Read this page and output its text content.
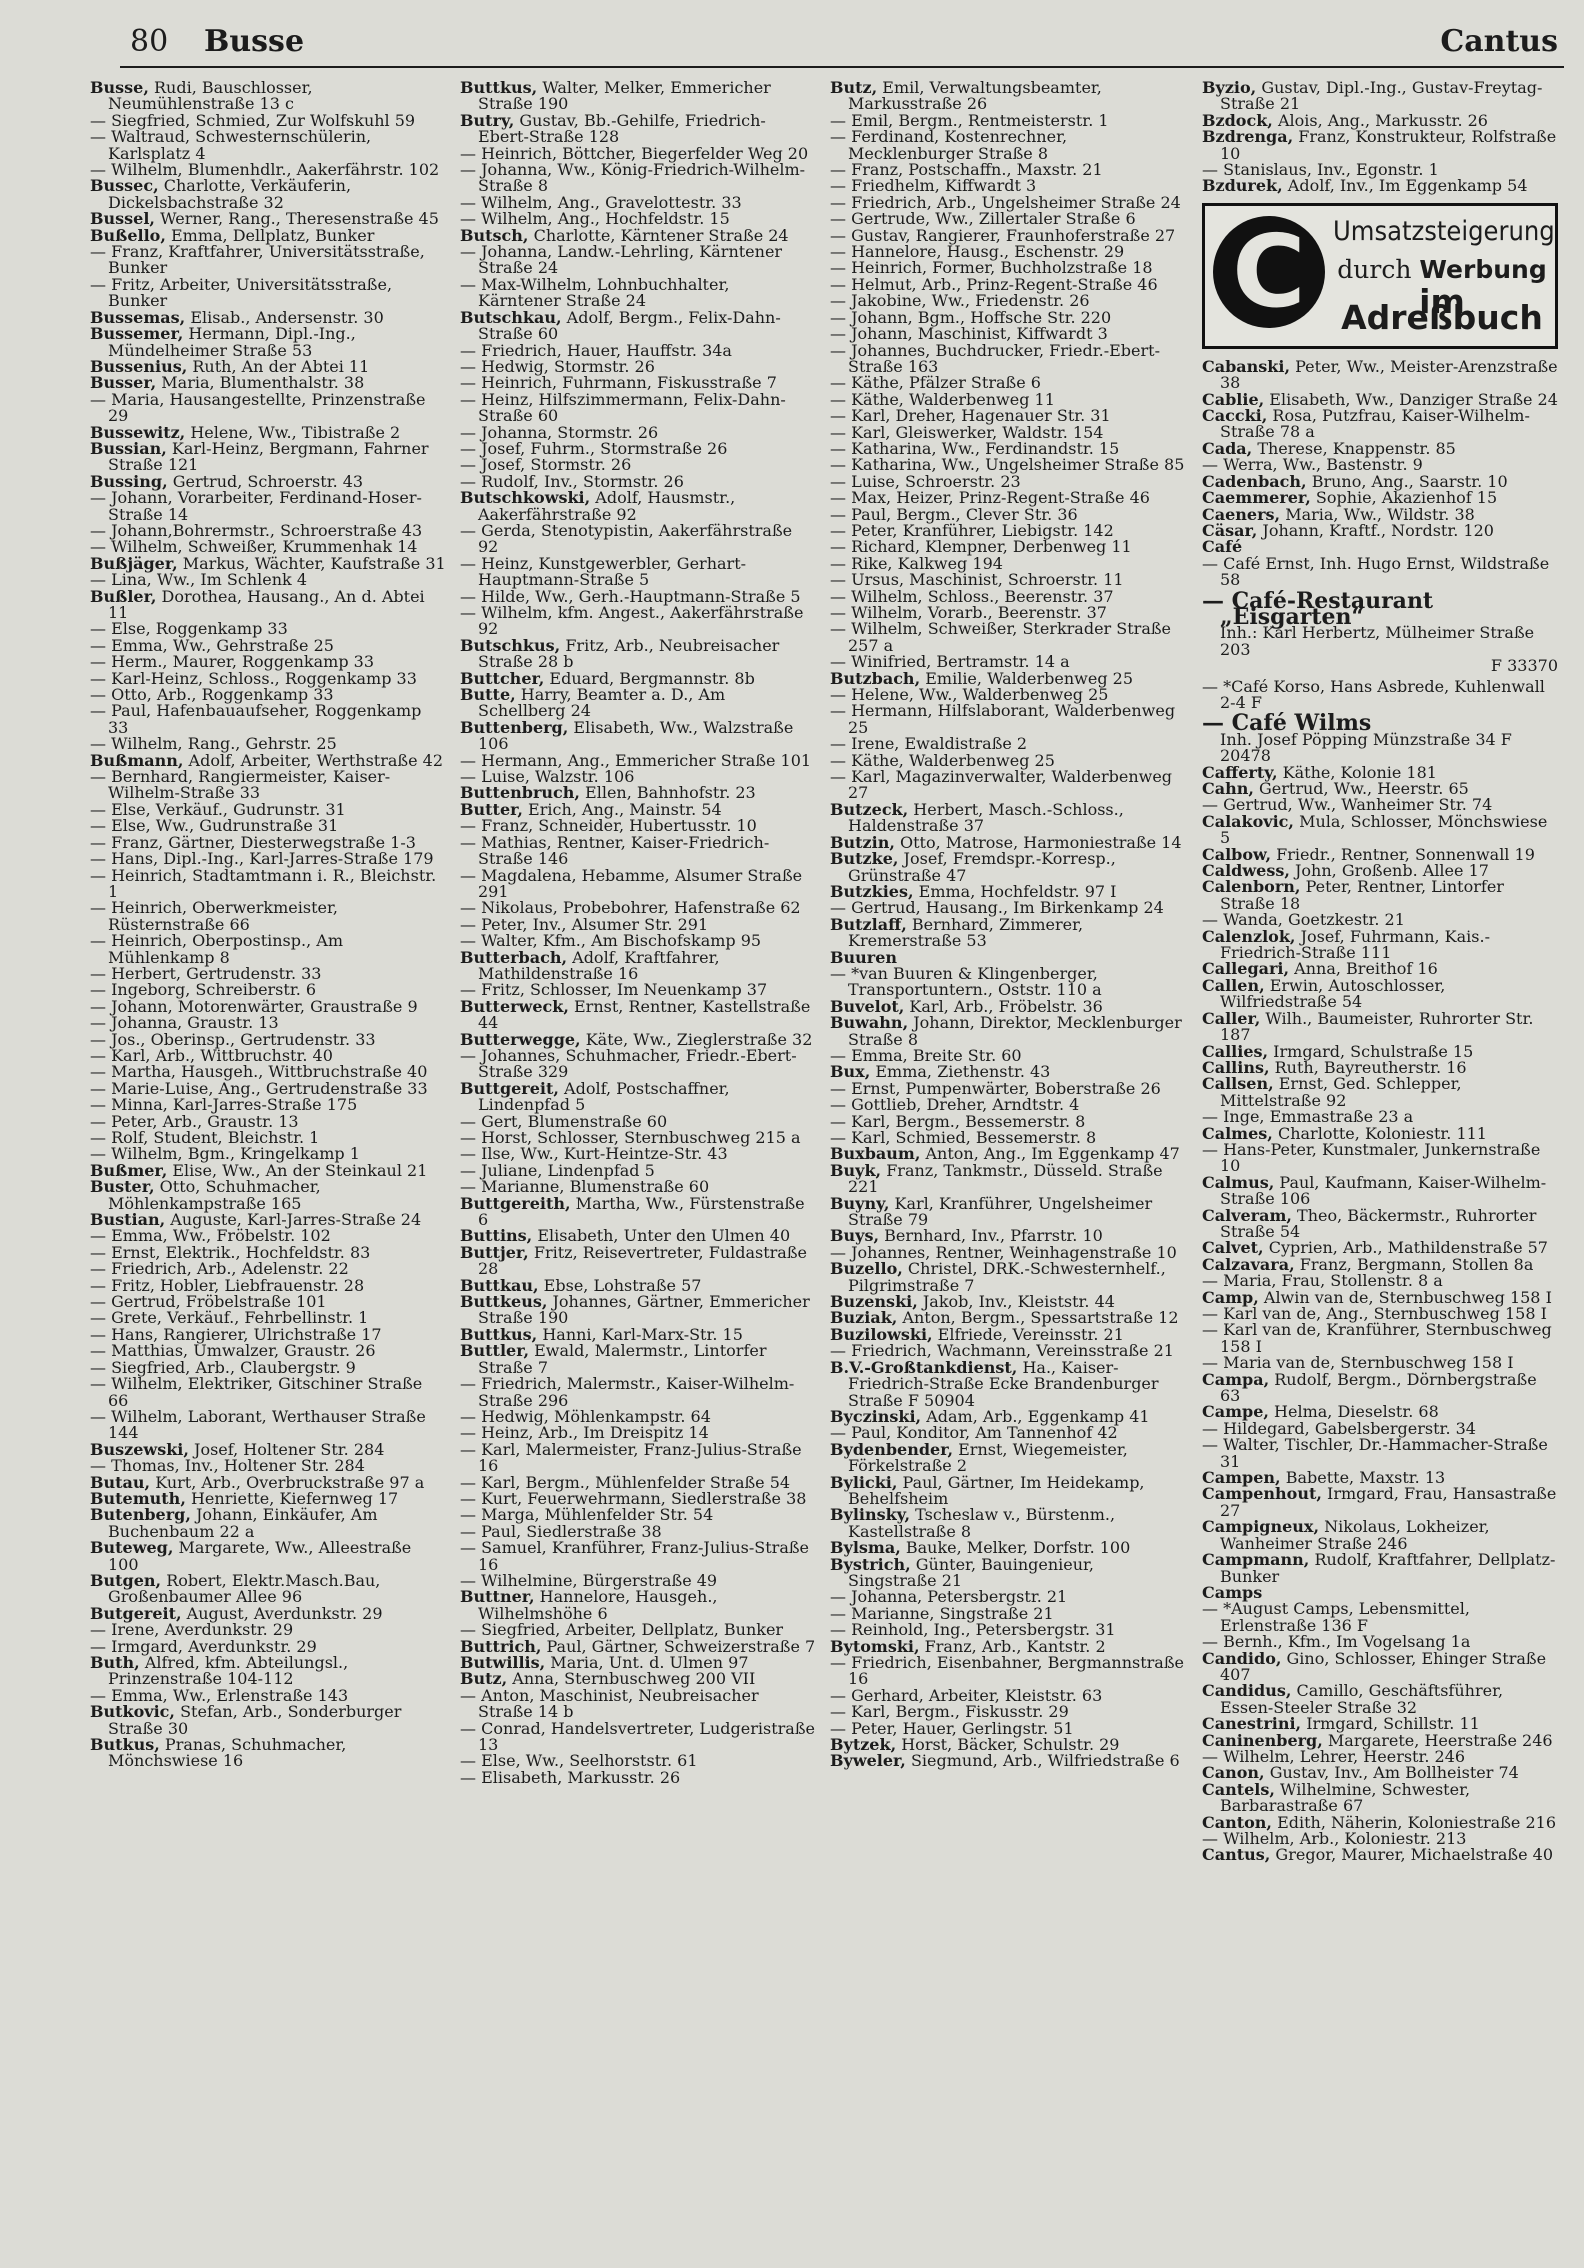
80 Busse	Cantus

Busse, Rudi, Bauschlosser, Neumühlenstraße 13 c

— Siegfried, Schmied, Zur Wolfskuhl 59

— Waltraud, Schwesternschülerin, Karlsplatz 4

— Wilhelm, Blumenhdlr., Aakerfährstr. 102

Bussec, Charlotte, Verkäuferin, Dickelsbachstraße 32

Bussel, Werner, Rang., Theresenstraße 45

Bußello, Emma, Dellplatz, Bunker

— Franz, Kraftfahrer, Universitätsstraße, Bunker

— Fritz, Arbeiter, Universitätsstraße, Bunker

Bussemas, Elisab., Andersenstr. 30

Bussemer, Hermann, Dipl.-Ing., Mündelheimer Straße 53

Bussenius, Ruth, An der Abtei 11

Busser, Maria, Blumenthalstr. 38

— Maria, Hausangestellte, Prinzenstraße 29

Bussewitz, Helene, Ww., Tibistraße 2

Bussian, Karl-Heinz, Bergmann, Fahrner Straße 121

Bussing, Gertrud, Schroerstr. 43

— Johann, Vorarbeiter, Ferdinand-Hoser-Straße 14

— Johann,Bohrermstr., Schroerstraße 43

— Wilhelm, Schweißer, Krummenhak 14

Bußjäger, Markus, Wächter, Kaufstraße 31

— Lina, Ww., Im Schlenk 4

Bußler, Dorothea, Hausang., An d. Abtei 11

— Else, Roggenkamp 33

— Emma, Ww., Gehrstraße 25

— Herm., Maurer, Roggenkamp 33

— Karl-Heinz, Schloss., Roggenkamp 33

— Otto, Arb., Roggenkamp 33

— Paul, Hafenbauaufseher, Roggenkamp 33

— Wilhelm, Rang., Gehrstr. 25

Bußmann, Adolf, Arbeiter, Werthstraße 42

— Bernhard, Rangiermeister, Kaiser-Wilhelm-Straße 33

— Else, Verkäuf., Gudrunstr. 31

— Else, Ww., Gudrunstraße 31

— Franz, Gärtner, Diesterwegstraße 1-3

— Hans, Dipl.-Ing., Karl-Jarres-Straße 179

— Heinrich, Stadtamtmann i. R., Bleichstr. 1

— Heinrich, Oberwerkmeister, Rüsternstraße 66

— Heinrich, Oberpostinsp., Am Mühlenkamp 8

— Herbert, Gertrudenstr. 33

— Ingeborg, Schreiberstr. 6

— Johann, Motorenwärter, Graustraße 9

— Johanna, Graustr. 13

— Jos., Oberinsp., Gertrudenstr. 33

— Karl, Arb., Wittbruchstr. 40

— Martha, Hausgeh., Wittbruchstraße 40

— Marie-Luise, Ang., Gertrudenstraße 33

— Minna, Karl-Jarres-Straße 175

— Peter, Arb., Graustr. 13

— Rolf, Student, Bleichstr. 1

— Wilhelm, Bgm., Kringelkamp 1

Bußmer, Elise, Ww., An der Steinkaul 21

Buster, Otto, Schuhmacher, Möhlenkampstraße 165

Bustian, Auguste, Karl-Jarres-Straße 24

— Emma, Ww., Fröbelstr. 102

— Ernst, Elektrik., Hochfeldstr. 83

— Friedrich, Arb., Adelenstr. 22

— Fritz, Hobler, Liebfrauenstr. 28

— Gertrud, Fröbelstraße 101

— Grete, Verkäuf., Fehrbellinstr. 1

— Hans, Rangierer, Ulrichstraße 17

— Matthias, Umwalzer, Graustr. 26

— Siegfried, Arb., Claubergstr. 9

— Wilhelm, Elektriker, Gitschiner Straße 66

— Wilhelm, Laborant, Werthauser Straße 144

Buszewski, Josef, Holtener Str. 284

— Thomas, Inv., Holtener Str. 284

Butau, Kurt, Arb., Overbruckstraße 97 a

Butemuth, Henriette, Kiefernweg 17

Butenberg, Johann, Einkäufer, Am Buchenbaum 22 a

Buteweg, Margarete, Ww., Alleestraße 100

Butgen, Robert, Elektr.Masch.Bau, Großenbaumer Allee 96

Butgereit, August, Averdunkstr. 29

— Irene, Averdunkstr. 29

— Irmgard, Averdunkstr. 29

Buth, Alfred, kfm. Abteilungsl., Prinzenstraße 104-112

— Emma, Ww., Erlenstraße 143

Butkovic, Stefan, Arb., Sonderburger Straße 30

Butkus, Pranas, Schuhmacher, Mönchswiese 16

Buttkus, Walter, Melker, Emmericher Straße 190

Butry, Gustav, Bb.-Gehilfe, Friedrich-Ebert-Straße 128

— Heinrich, Böttcher, Biegerfelder Weg 20

— Johanna, Ww., König-Friedrich-Wilhelm-Straße 8

— Wilhelm, Ang., Gravelottestr. 33

— Wilhelm, Ang., Hochfeldstr. 15

Butsch, Charlotte, Kärntener Straße 24

— Johanna, Landw.-Lehrling, Kärntener Straße 24

— Max-Wilhelm, Lohnbuchhalter, Kärntener Straße 24

Butschkau, Adolf, Bergm., Felix-Dahn-Straße 60

— Friedrich, Hauer, Hauffstr. 34a

— Hedwig, Stormstr. 26

— Heinrich, Fuhrmann, Fiskusstraße 7

— Heinz, Hilfszimmermann, Felix-Dahn-Straße 60

— Johanna, Stormstr. 26

— Josef, Fuhrm., Stormstraße 26

— Josef, Stormstr. 26

— Rudolf, Inv., Stormstr. 26

Butschkowski, Adolf, Hausmstr., Aakerfährstraße 92

— Gerda, Stenotypistin, Aakerfährstraße 92

— Heinz, Kunstgewerbler, Gerhart-Hauptmann-Straße 5

— Hilde, Ww., Gerh.-Hauptmann-Straße 5

— Wilhelm, kfm. Angest., Aakerfährstraße 92

Butschkus, Fritz, Arb., Neubreisacher Straße 28 b

Buttcher, Eduard, Bergmannstr. 8b

Butte, Harry, Beamter a. D., Am Schellberg 24

Buttenberg, Elisabeth, Ww., Walzstraße 106

— Hermann, Ang., Emmericher Straße 101

— Luise, Walzstr. 106

Buttenbruch, Ellen, Bahnhofstr. 23

Butter, Erich, Ang., Mainstr. 54

— Franz, Schneider, Hubertusstr. 10

— Mathias, Rentner, Kaiser-Friedrich-Straße 146

— Magdalena, Hebamme, Alsumer Straße 291

— Nikolaus, Probebohrer, Hafenstraße 62

— Peter, Inv., Alsumer Str. 291

— Walter, Kfm., Am Bischofskamp 95

Butterbach, Adolf, Kraftfahrer, Mathildenstraße 16

— Fritz, Schlosser, Im Neuenkamp 37

Butterweck, Ernst, Rentner, Kastellstraße 44

Butterwegge, Käte, Ww., Zieglerstraße 32

— Johannes, Schuhmacher, Friedr.-Ebert-Straße 329

Buttgereit, Adolf, Postschaffner, Lindenpfad 5

— Gert, Blumenstraße 60

— Horst, Schlosser, Sternbuschweg 215 a

— Ilse, Ww., Kurt-Heintze-Str. 43

— Juliane, Lindenpfad 5

— Marianne, Blumenstraße 60

Buttgereith, Martha, Ww., Fürstenstraße 6

Buttins, Elisabeth, Unter den Ulmen 40

Buttjer, Fritz, Reisevertreter, Fuldastraße 28

Buttkau, Ebse, Lohstraße 57

Buttkeus, Johannes, Gärtner, Emmericher Straße 190

Buttkus, Hanni, Karl-Marx-Str. 15

Buttler, Ewald, Malermstr., Lintorfer Straße 7

— Friedrich, Malermstr., Kaiser-Wilhelm-Straße 296

— Hedwig, Möhlenkampstr. 64

— Heinz, Arb., Im Dreispitz 14

— Karl, Malermeister, Franz-Julius-Straße 16

— Karl, Bergm., Mühlenfelder Straße 54

— Kurt, Feuerwehrmann, Siedlerstraße 38

— Marga, Mühlenfelder Str. 54

— Paul, Siedlerstraße 38

— Samuel, Kranführer, Franz-Julius-Straße 16

— Wilhelmine, Bürgerstraße 49

Buttner, Hannelore, Hausgeh., Wilhelmshöhe 6

— Siegfried, Arbeiter, Dellplatz, Bunker

Buttrich, Paul, Gärtner, Schweizerstraße 7

Butwillis, Maria, Unt. d. Ulmen 97

Butz, Anna, Sternbuschweg 200 VII

— Anton, Maschinist, Neubreisacher Straße 14 b

— Conrad, Handelsvertreter, Ludgeristraße 13

— Else, Ww., Seelhorststr. 61

— Elisabeth, Markusstr. 26

Butz, Emil, Verwaltungsbeamter, Markusstraße 26

— Emil, Bergm., Rentmeisterstr. 1

— Ferdinand, Kostenrechner, Mecklenburger Straße 8

— Franz, Postschaffn., Maxstr. 21

— Friedhelm, Kiffwardt 3

— Friedrich, Arb., Ungelsheimer Straße 24

— Gertrude, Ww., Zillertaler Straße 6

— Gustav, Rangierer, Fraunhoferstraße 27

— Hannelore, Hausg., Eschenstr. 29

— Heinrich, Former, Buchholzstraße 18

— Helmut, Arb., Prinz-Regent-Straße 46

— Jakobine, Ww., Friedenstr. 26

— Johann, Bgm., Hoffsche Str. 220

— Johann, Maschinist, Kiffwardt 3

— Johannes, Buchdrucker, Friedr.-Ebert-Straße 163

— Käthe, Pfälzer Straße 6

— Käthe, Walderbenweg 11

— Karl, Dreher, Hagenauer Str. 31

— Karl, Gleiswerker, Waldstr. 154

— Katharina, Ww., Ferdinandstr. 15

— Katharina, Ww., Ungelsheimer Straße 85

— Luise, Schroerstr. 23

— Max, Heizer, Prinz-Regent-Straße 46

— Paul, Bergm., Clever Str. 36

— Peter, Kranführer, Liebigstr. 142

— Richard, Klempner, Derbenweg 11

— Rike, Kalkweg 194

— Ursus, Maschinist, Schroerstr. 11

— Wilhelm, Schloss., Beerenstr. 37

— Wilhelm, Vorarb., Beerenstr. 37

— Wilhelm, Schweißer, Sterkrader Straße 257 a

— Winifried, Bertramstr. 14 a

Butzbach, Emilie, Walderbenweg 25

— Helene, Ww., Walderbenweg 25

— Hermann, Hilfslaborant, Walderbenweg 25

— Irene, Ewaldistraße 2

— Käthe, Walderbenweg 25

— Karl, Magazinverwalter, Walderbenweg 27

Butzeck, Herbert, Masch.-Schloss., Haldenstraße 37

Butzin, Otto, Matrose, Harmoniestraße 14

Butzke, Josef, Fremdspr.-Korresp., Grünstraße 47

Butzkies, Emma, Hochfeldstr. 97 I

— Gertrud, Hausang., Im Birkenkamp 24

Butzlaff, Bernhard, Zimmerer, Kremerstraße 53

Buuren

— *van Buuren & Klingenberger, Transportuntern., Oststr. 110 a

Buvelot, Karl, Arb., Fröbelstr. 36

Buwahn, Johann, Direktor, Mecklenburger Straße 8

— Emma, Breite Str. 60

Bux, Emma, Ziethenstr. 43

— Ernst, Pumpenwärter, Boberstraße 26

— Gottlieb, Dreher, Arndtstr. 4

— Karl, Bergm., Bessemerstr. 8

— Karl, Schmied, Bessemerstr. 8

Buxbaum, Anton, Ang., Im Eggenkamp 47

Buyk, Franz, Tankmstr., Düsseld. Straße 221

Buyny, Karl, Kranführer, Ungelsheimer Straße 79

Buys, Bernhard, Inv., Pfarrstr. 10

— Johannes, Rentner, Weinhagenstraße 10

Buzello, Christel, DRK.-Schwesternhelf., Pilgrimstraße 7

Buzenski, Jakob, Inv., Kleiststr. 44

Buziak, Anton, Bergm., Spessartstraße 12

Buzilowski, Elfriede, Vereinsstr. 21

— Friedrich, Wachmann, Vereinsstraße 21

B.V.-Großtankdienst, Ha., Kaiser-Friedrich-Straße Ecke Brandenburger Straße F 50904

Byczinski, Adam, Arb., Eggenkamp 41

— Paul, Konditor, Am Tannenhof 42

Bydenbender, Ernst, Wiegemeister, Förkelstraße 2

Bylicki, Paul, Gärtner, Im Heidekamp, Behelfsheim

Bylinsky, Tscheslaw v., Bürstenm., Kastellstraße 8

Bylsma, Bauke, Melker, Dorfstr. 100

Bystrich, Günter, Bauingenieur, Singstraße 21

— Johanna, Petersbergstr. 21

— Marianne, Singstraße 21

— Reinhold, Ing., Petersbergstr. 31

Bytomski, Franz, Arb., Kantstr. 2

— Friedrich, Eisenbahner, Bergmannstraße 16

— Gerhard, Arbeiter, Kleiststr. 63

— Karl, Bergm., Fiskusstr. 29

— Peter, Hauer, Gerlingstr. 51

Bytzek, Horst, Bäcker, Schulstr. 29

Byweler, Siegmund, Arb., Wilfriedstraße 6

Byzio, Gustav, Dipl.-Ing., Gustav-Freytag-Straße 21

Bzdock, Alois, Ang., Markusstr. 26

Bzdrenga, Franz, Konstrukteur, Rolfstraße 10

— Stanislaus, Inv., Egonstr. 1

Bzdurek, Adolf, Inv., Im Eggenkamp 54

C	Umsatzsteigerung
durch Werbung
im Adreßbuch

Cabanski, Peter, Ww., Meister-Arenzstraße 38

Cablie, Elisabeth, Ww., Danziger Straße 24

Caccki, Rosa, Putzfrau, Kaiser-Wilhelm-Straße 78 a

Cada, Therese, Knappenstr. 85

— Werra, Ww., Bastenstr. 9

Cadenbach, Bruno, Ang., Saarstr. 10

Caemmerer, Sophie, Akazienhof 15

Caeners, Maria, Ww., Wildstr. 38

Cäsar, Johann, Kraftf., Nordstr. 120

Café

— Café Ernst, Inh. Hugo Ernst, Wildstraße 58

— Café-Restaurant „Eisgarten“

Inh.: Karl Herbertz, Mülheimer Straße 203

F 33370

— *Café Korso, Hans Asbrede, Kuhlenwall 2-4 F

— Café Wilms

Inh. Josef Pöpping Münzstraße 34 F 20478

Cafferty, Käthe, Kolonie 181

Cahn, Gertrud, Ww., Heerstr. 65

— Gertrud, Ww., Wanheimer Str. 74

Calakovic, Mula, Schlosser, Mönchswiese 5

Calbow, Friedr., Rentner, Sonnenwall 19

Caldwess, John, Großenb. Allee 17

Calenborn, Peter, Rentner, Lintorfer Straße 18

— Wanda, Goetzkestr. 21

Calenzlok, Josef, Fuhrmann, Kais.-Friedrich-Straße 111

Callegari, Anna, Breithof 16

Callen, Erwin, Autoschlosser, Wilfriedstraße 54

Caller, Wilh., Baumeister, Ruhrorter Str. 187

Callies, Irmgard, Schulstraße 15

Callins, Ruth, Bayreutherstr. 16

Callsen, Ernst, Ged. Schlepper, Mittelstraße 92

— Inge, Emmastraße 23 a

Calmes, Charlotte, Koloniestr. 111

— Hans-Peter, Kunstmaler, Junkernstraße 10

Calmus, Paul, Kaufmann, Kaiser-Wilhelm-Straße 106

Calveram, Theo, Bäckermstr., Ruhrorter Straße 54

Calvet, Cyprien, Arb., Mathildenstraße 57

Calzavara, Franz, Bergmann, Stollen 8a

— Maria, Frau, Stollenstr. 8 a

Camp, Alwin van de, Sternbuschweg 158 I

— Karl van de, Ang., Sternbuschweg 158 I

— Karl van de, Kranführer, Sternbuschweg 158 I

— Maria van de, Sternbuschweg 158 I

Campa, Rudolf, Bergm., Dörnbergstraße 63

Campe, Helma, Dieselstr. 68

— Hildegard, Gabelsbergerstr. 34

— Walter, Tischler, Dr.-Hammacher-Straße 31

Campen, Babette, Maxstr. 13

Campenhout, Irmgard, Frau, Hansastraße 27

Campigneux, Nikolaus, Lokheizer, Wanheimer Straße 246

Campmann, Rudolf, Kraftfahrer, Dellplatz-Bunker

Camps

— *August Camps, Lebensmittel, Erlenstraße 136 F

— Bernh., Kfm., Im Vogelsang 1a

Candido, Gino, Schlosser, Ehinger Straße 407

Candidus, Camillo, Geschäftsführer, Essen-Steeler Straße 32

Canestrini, Irmgard, Schillstr. 11

Caninenberg, Margarete, Heerstraße 246

— Wilhelm, Lehrer, Heerstr. 246

Canon, Gustav, Inv., Am Bollheister 74

Cantels, Wilhelmine, Schwester, Barbarastraße 67

Canton, Edith, Näherin, Koloniestraße 216

— Wilhelm, Arb., Koloniestr. 213

Cantus, Gregor, Maurer, Michaelstraße 40
